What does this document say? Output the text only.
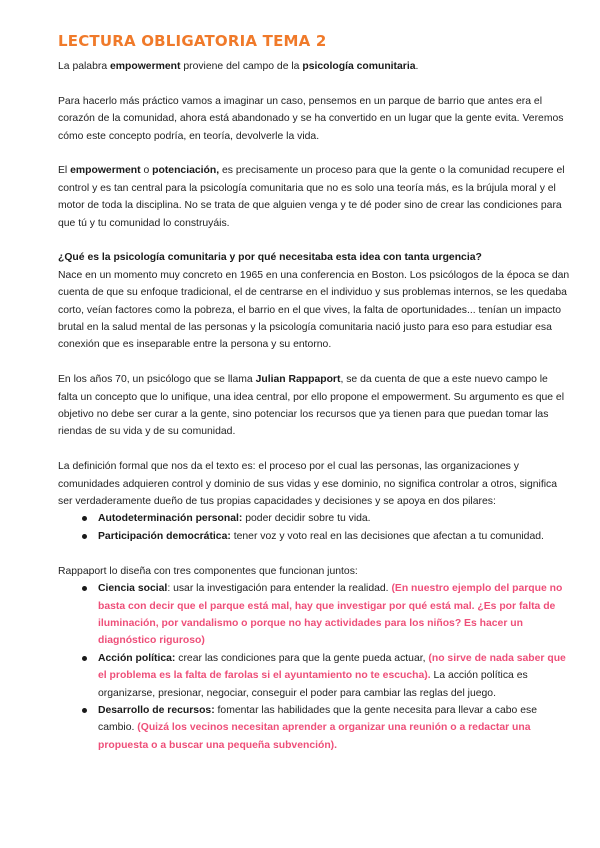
LECTURA OBLIGATORIA TEMA 2

La palabra empowerment proviene del campo de la psicología comunitaria.

Para hacerlo más práctico vamos a imaginar un caso, pensemos en un parque de barrio que antes era el corazón de la comunidad, ahora está abandonado y se ha convertido en un lugar que la gente evita. Veremos cómo este concepto podría, en teoría, devolverle la vida.

El empowerment o potenciación, es precisamente un proceso para que la gente o la comunidad recupere el control y es tan central para la psicología comunitaria que no es solo una teoría más, es la brújula moral y el motor de toda la disciplina. No se trata de que alguien venga y te dé poder sino de crear las condiciones para que tú y tu comunidad lo construyáis.

¿Qué es la psicología comunitaria y por qué necesitaba esta idea con tanta urgencia?

Nace en un momento muy concreto en 1965 en una conferencia en Boston. Los psicólogos de la época se dan cuenta de que su enfoque tradicional, el de centrarse en el individuo y sus problemas internos, se les quedaba corto, veían factores como la pobreza, el barrio en el que vives, la falta de oportunidades... tenían un impacto brutal en la salud mental de las personas y la psicología comunitaria nació justo para eso para estudiar esa conexión que es inseparable entre la persona y su entorno.

En los años 70, un psicólogo que se llama Julian Rappaport, se da cuenta de que a este nuevo campo le falta un concepto que lo unifique, una idea central, por ello propone el empowerment. Su argumento es que el objetivo no debe ser curar a la gente, sino potenciar los recursos que ya tienen para que puedan tomar las riendas de su vida y de su comunidad.

La definición formal que nos da el texto es: el proceso por el cual las personas, las organizaciones y comunidades adquieren control y dominio de sus vidas y ese dominio, no significa controlar a otros, significa ser verdaderamente dueño de tus propias capacidades y decisiones y se apoya en dos pilares:

Autodeterminación personal: poder decidir sobre tu vida.
Participación democrática: tener voz y voto real en las decisiones que afectan a tu comunidad.

Rappaport lo diseña con tres componentes que funcionan juntos:

Ciencia social: usar la investigación para entender la realidad. (En nuestro ejemplo del parque no basta con decir que el parque está mal, hay que investigar por qué está mal. ¿Es por falta de iluminación, por vandalismo o porque no hay actividades para los niños? Es hacer un diagnóstico riguroso)
Acción política: crear las condiciones para que la gente pueda actuar, (no sirve de nada saber que el problema es la falta de farolas si el ayuntamiento no te escucha). La acción política es organizarse, presionar, negociar, conseguir el poder para cambiar las reglas del juego.
Desarrollo de recursos: fomentar las habilidades que la gente necesita para llevar a cabo ese cambio. (Quizá los vecinos necesitan aprender a organizar una reunión o a redactar una propuesta o a buscar una pequeña subvención).
